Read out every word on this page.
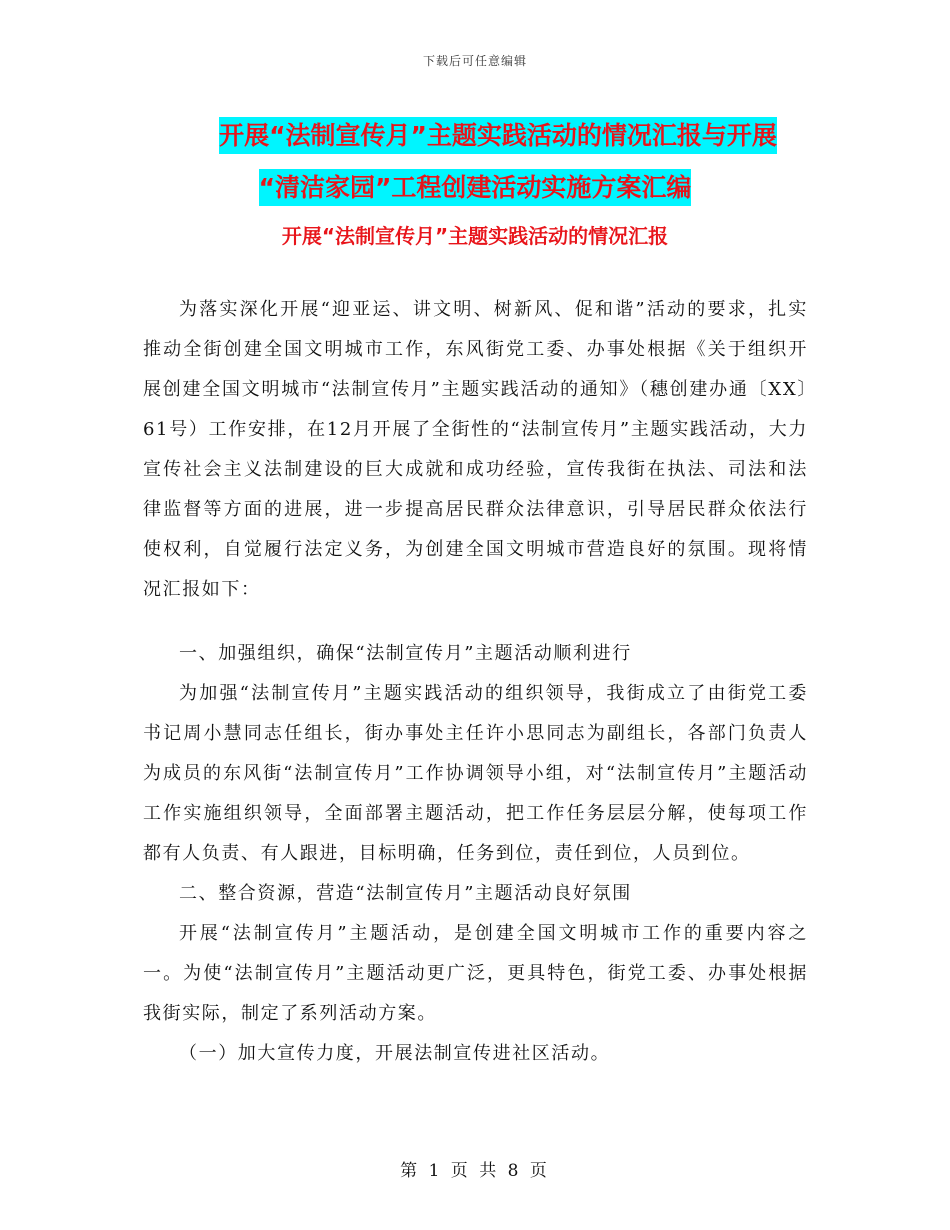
下载后可任意编辑
开展“法制宣传月”主题实践活动的情况汇报与开展
“清洁家园”工程创建活动实施方案汇编
开展“法制宣传月”主题实践活动的情况汇报

为落实深化开展“迎亚运、讲文明、树新风、促和谐”活动的要求，扎实推动全街创建全国文明城市工作，东风街党工委、办事处根据《关于组织开展创建全国文明城市“法制宣传月”主题实践活动的通知》（穗创建办通〔XX〕61号）工作安排，在12月开展了全街性的“法制宣传月”主题实践活动，大力宣传社会主义法制建设的巨大成就和成功经验，宣传我街在执法、司法和法律监督等方面的进展，进一步提高居民群众法律意识，引导居民群众依法行使权利，自觉履行法定义务，为创建全国文明城市营造良好的氛围。现将情况汇报如下：

一、加强组织，确保“法制宣传月”主题活动顺利进行

为加强“法制宣传月”主题实践活动的组织领导，我街成立了由街党工委书记周小慧同志任组长，街办事处主任许小思同志为副组长，各部门负责人为成员的东风街“法制宣传月”工作协调领导小组，对“法制宣传月”主题活动工作实施组织领导，全面部署主题活动，把工作任务层层分解，使每项工作都有人负责、有人跟进，目标明确，任务到位，责任到位，人员到位。

二、整合资源，营造“法制宣传月”主题活动良好氛围

开展“法制宣传月”主题活动，是创建全国文明城市工作的重要内容之一。为使“法制宣传月”主题活动更广泛，更具特色，街党工委、办事处根据我街实际，制定了系列活动方案。

（一）加大宣传力度，开展法制宣传进社区活动。

第 1 页 共 8 页
